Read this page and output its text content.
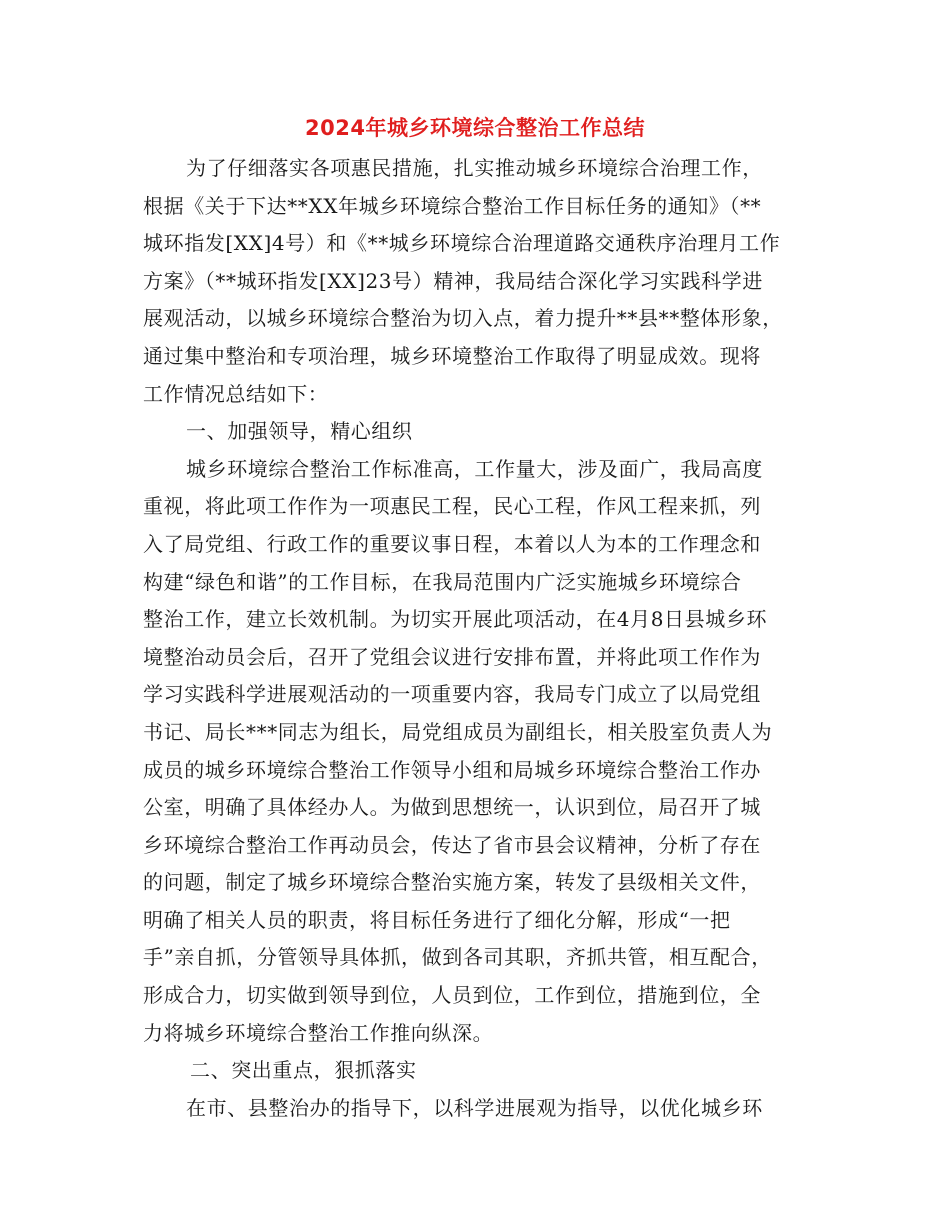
2024年城乡环境综合整治工作总结
为了仔细落实各项惠民措施，扎实推动城乡环境综合治理工作，
根据《关于下达**XX年城乡环境综合整治工作目标任务的通知》（**
城环指发[XX]4号）和《**城乡环境综合治理道路交通秩序治理月工作
方案》（**城环指发[XX]23号）精神，我局结合深化学习实践科学进
展观活动，以城乡环境综合整治为切入点，着力提升**县**整体形象，
通过集中整治和专项治理，城乡环境整治工作取得了明显成效。现将
工作情况总结如下：
一、加强领导，精心组织
城乡环境综合整治工作标准高，工作量大，涉及面广，我局高度
重视，将此项工作作为一项惠民工程，民心工程，作风工程来抓，列
入了局党组、行政工作的重要议事日程，本着以人为本的工作理念和
构建“绿色和谐”的工作目标，在我局范围内广泛实施城乡环境综合
整治工作，建立长效机制。为切实开展此项活动，在4月8日县城乡环
境整治动员会后，召开了党组会议进行安排布置，并将此项工作作为
学习实践科学进展观活动的一项重要内容，我局专门成立了以局党组
书记、局长***同志为组长，局党组成员为副组长，相关股室负责人为
成员的城乡环境综合整治工作领导小组和局城乡环境综合整治工作办
公室，明确了具体经办人。为做到思想统一，认识到位，局召开了城
乡环境综合整治工作再动员会，传达了省市县会议精神，分析了存在
的问题，制定了城乡环境综合整治实施方案，转发了县级相关文件，
明确了相关人员的职责，将目标任务进行了细化分解，形成“一把
手”亲自抓，分管领导具体抓，做到各司其职，齐抓共管，相互配合，
形成合力，切实做到领导到位，人员到位，工作到位，措施到位，全
力将城乡环境综合整治工作推向纵深。
二、突出重点，狠抓落实
在市、县整治办的指导下，以科学进展观为指导，以优化城乡环
